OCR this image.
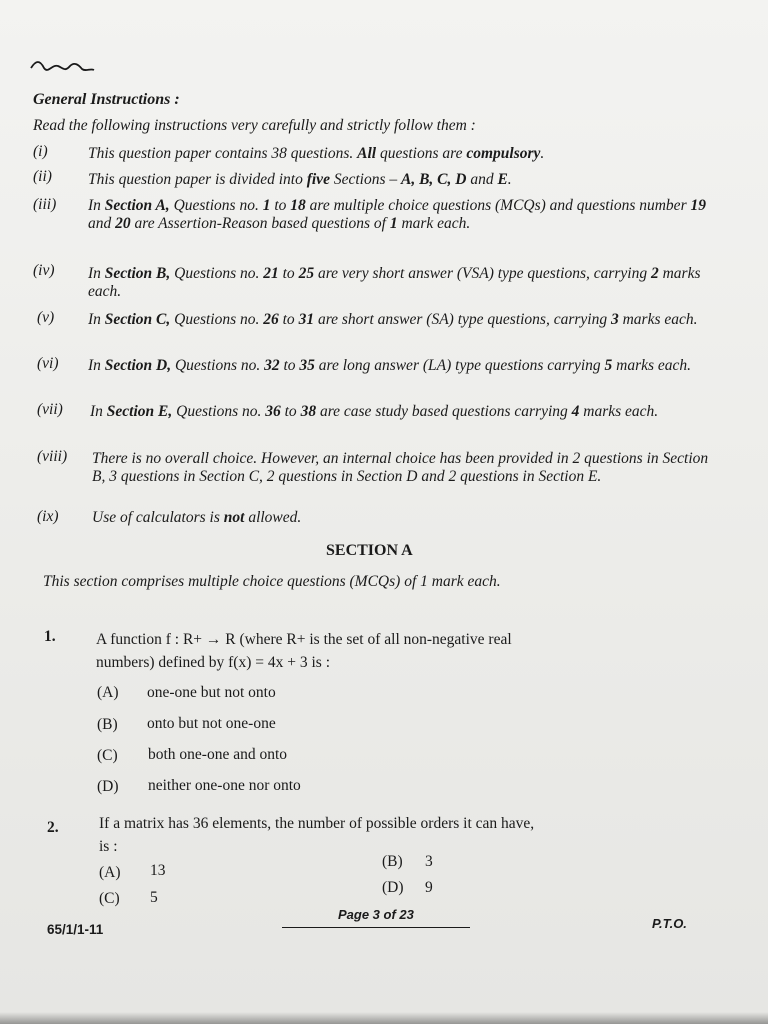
General Instructions :
Read the following instructions very carefully and strictly follow them :
(i)
(ii)
(iii)
(iv)
(v)
(vi)
(vii)
(viii)
(ix)
This question paper contains 38 questions. All questions are compulsory.
This question paper is divided into five Sections – A, B, C, D and E.
In Section A, Questions no. 1 to 18 are multiple choice questions (MCQs) and questions number 19 and 20 are Assertion-Reason based questions of 1 mark each.
In Section B, Questions no. 21 to 25 are very short answer (VSA) type questions, carrying 2 marks each.
In Section C, Questions no. 26 to 31 are short answer (SA) type questions, carrying 3 marks each.
In Section D, Questions no. 32 to 35 are long answer (LA) type questions carrying 5 marks each.
In Section E, Questions no. 36 to 38 are case study based questions carrying 4 marks each.
There is no overall choice. However, an internal choice has been provided in 2 questions in Section B, 3 questions in Section C, 2 questions in Section D and 2 questions in Section E.
Use of calculators is not allowed.
SECTION A
This section comprises multiple choice questions (MCQs) of 1 mark each.
1.	A function f : R+ → R (where R+ is the set of all non-negative real
numbers) defined by f(x) = 4x + 3 is :
(A) one-one but not onto
(B) onto but not one-one
(C) both one-one and onto
(D) neither one-one nor onto
2.	If a matrix has 36 elements, the number of possible orders it can have,
is :
(A) 13
(B) 3
(C) 5
(D) 9
65/1/1-11
Page 3 of 23
P.T.O.
